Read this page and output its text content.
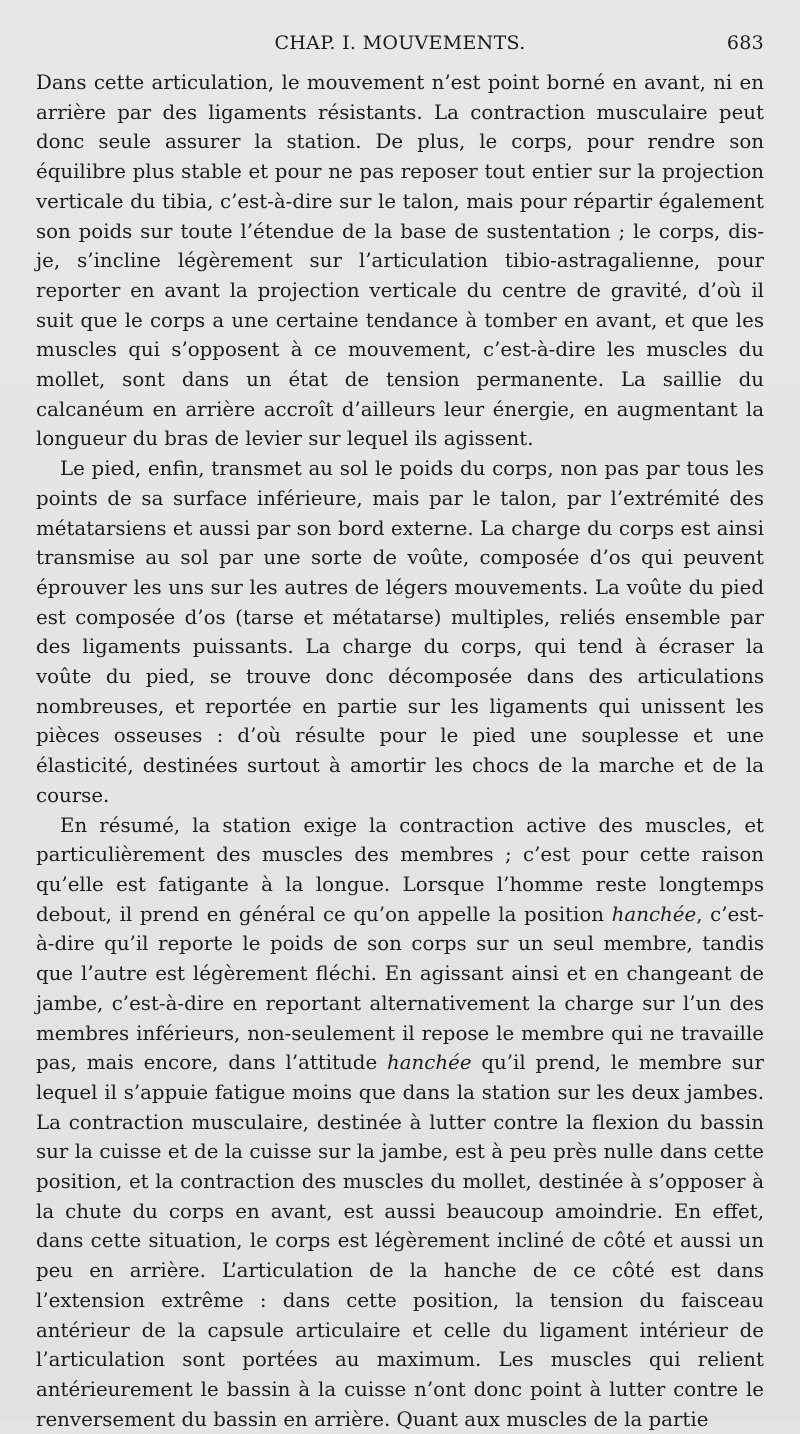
CHAP. I. MOUVEMENTS.	683

Dans cette articulation, le mouvement n’est point borné en avant, ni en arrière par des ligaments résistants. La contraction musculaire peut donc seule assurer la station. De plus, le corps, pour rendre son équilibre plus stable et pour ne pas reposer tout entier sur la projection verticale du tibia, c’est-à-dire sur le talon, mais pour répartir également son poids sur toute l’étendue de la base de sustentation ; le corps, dis-je, s’incline légèrement sur l’articulation tibio-astragalienne, pour reporter en avant la projection verticale du centre de gravité, d’où il suit que le corps a une certaine tendance à tomber en avant, et que les muscles qui s’opposent à ce mouvement, c’est-à-dire les muscles du mollet, sont dans un état de tension permanente. La saillie du calcanéum en arrière accroît d’ailleurs leur énergie, en augmentant la longueur du bras de levier sur lequel ils agissent.

Le pied, enfin, transmet au sol le poids du corps, non pas par tous les points de sa surface inférieure, mais par le talon, par l’extrémité des métatarsiens et aussi par son bord externe. La charge du corps est ainsi transmise au sol par une sorte de voûte, composée d’os qui peuvent éprouver les uns sur les autres de légers mouvements. La voûte du pied est composée d’os (tarse et métatarse) multiples, reliés ensemble par des ligaments puissants. La charge du corps, qui tend à écraser la voûte du pied, se trouve donc décomposée dans des articulations nombreuses, et reportée en partie sur les ligaments qui unissent les pièces osseuses : d’où résulte pour le pied une souplesse et une élasticité, destinées surtout à amortir les chocs de la marche et de la course.

En résumé, la station exige la contraction active des muscles, et particulièrement des muscles des membres ; c’est pour cette raison qu’elle est fatigante à la longue. Lorsque l’homme reste longtemps debout, il prend en général ce qu’on appelle la position hanchée, c’est-à-dire qu’il reporte le poids de son corps sur un seul membre, tandis que l’autre est légèrement fléchi. En agissant ainsi et en changeant de jambe, c’est-à-dire en reportant alternativement la charge sur l’un des membres inférieurs, non-seulement il repose le membre qui ne travaille pas, mais encore, dans l’attitude hanchée qu’il prend, le membre sur lequel il s’appuie fatigue moins que dans la station sur les deux jambes. La contraction musculaire, destinée à lutter contre la flexion du bassin sur la cuisse et de la cuisse sur la jambe, est à peu près nulle dans cette position, et la contraction des muscles du mollet, destinée à s’opposer à la chute du corps en avant, est aussi beaucoup amoindrie. En effet, dans cette situation, le corps est légèrement incliné de côté et aussi un peu en arrière. L’articulation de la hanche de ce côté est dans l’extension extrême : dans cette position, la tension du faisceau antérieur de la capsule articulaire et celle du ligament intérieur de l’articulation sont portées au maximum. Les muscles qui relient antérieurement le bassin à la cuisse n’ont donc point à lutter contre le renversement du bassin en arrière. Quant aux muscles de la partie
